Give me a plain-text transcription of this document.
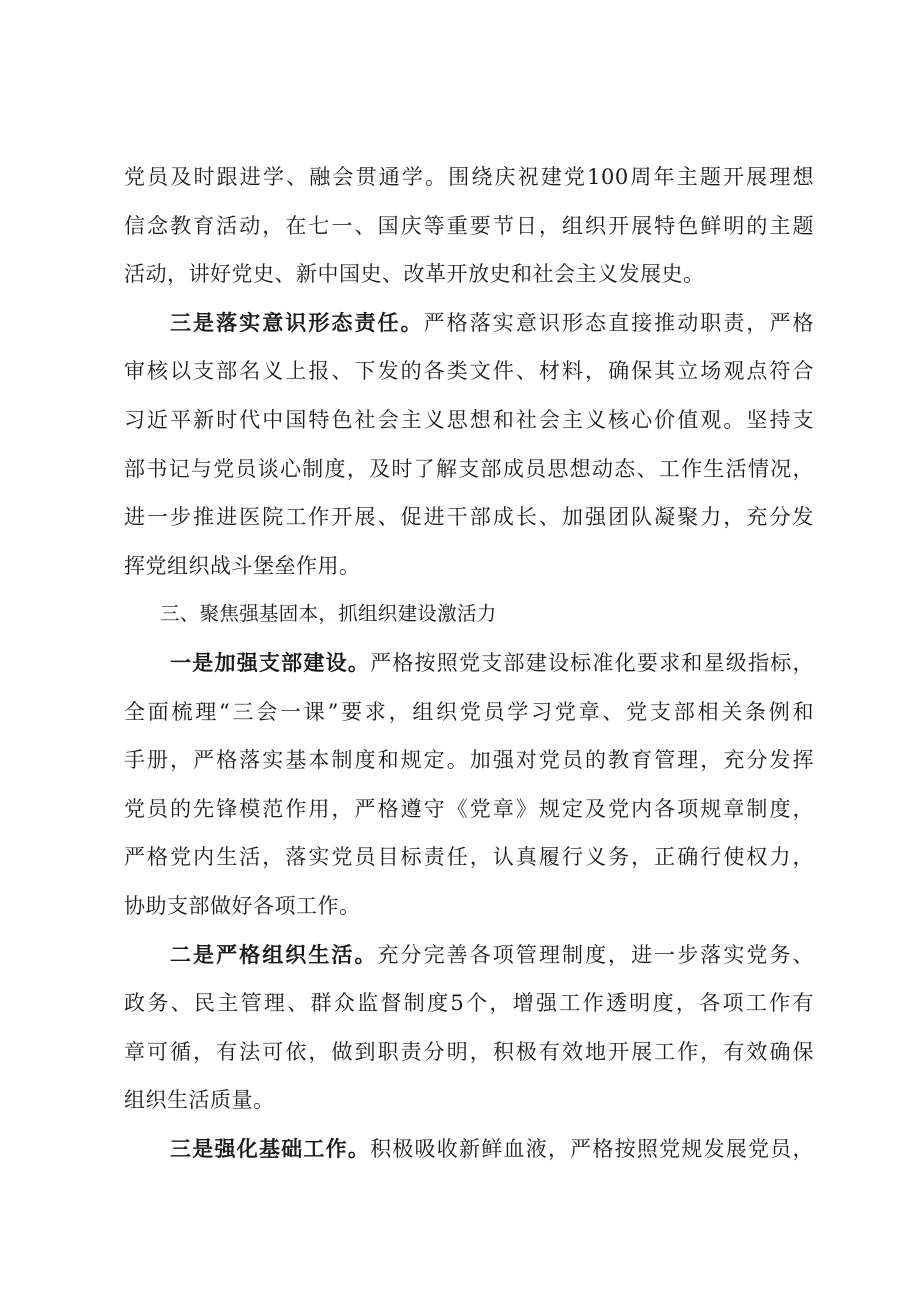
党员及时跟进学、融会贯通学。围绕庆祝建党100周年主题开展理想
信念教育活动，在七一、国庆等重要节日，组织开展特色鲜明的主题
活动，讲好党史、新中国史、改革开放史和社会主义发展史。
三是落实意识形态责任。严格落实意识形态直接推动职责，严格
审核以支部名义上报、下发的各类文件、材料，确保其立场观点符合
习近平新时代中国特色社会主义思想和社会主义核心价值观。坚持支
部书记与党员谈心制度，及时了解支部成员思想动态、工作生活情况，
进一步推进医院工作开展、促进干部成长、加强团队凝聚力，充分发
挥党组织战斗堡垒作用。
三、聚焦强基固本，抓组织建设激活力
一是加强支部建设。严格按照党支部建设标准化要求和星级指标，
全面梳理“三会一课”要求，组织党员学习党章、党支部相关条例和
手册，严格落实基本制度和规定。加强对党员的教育管理，充分发挥
党员的先锋模范作用，严格遵守《党章》规定及党内各项规章制度，
严格党内生活，落实党员目标责任，认真履行义务，正确行使权力，
协助支部做好各项工作。
二是严格组织生活。充分完善各项管理制度，进一步落实党务、
政务、民主管理、群众监督制度5个，增强工作透明度，各项工作有
章可循，有法可依，做到职责分明，积极有效地开展工作，有效确保
组织生活质量。
三是强化基础工作。积极吸收新鲜血液，严格按照党规发展党员，
